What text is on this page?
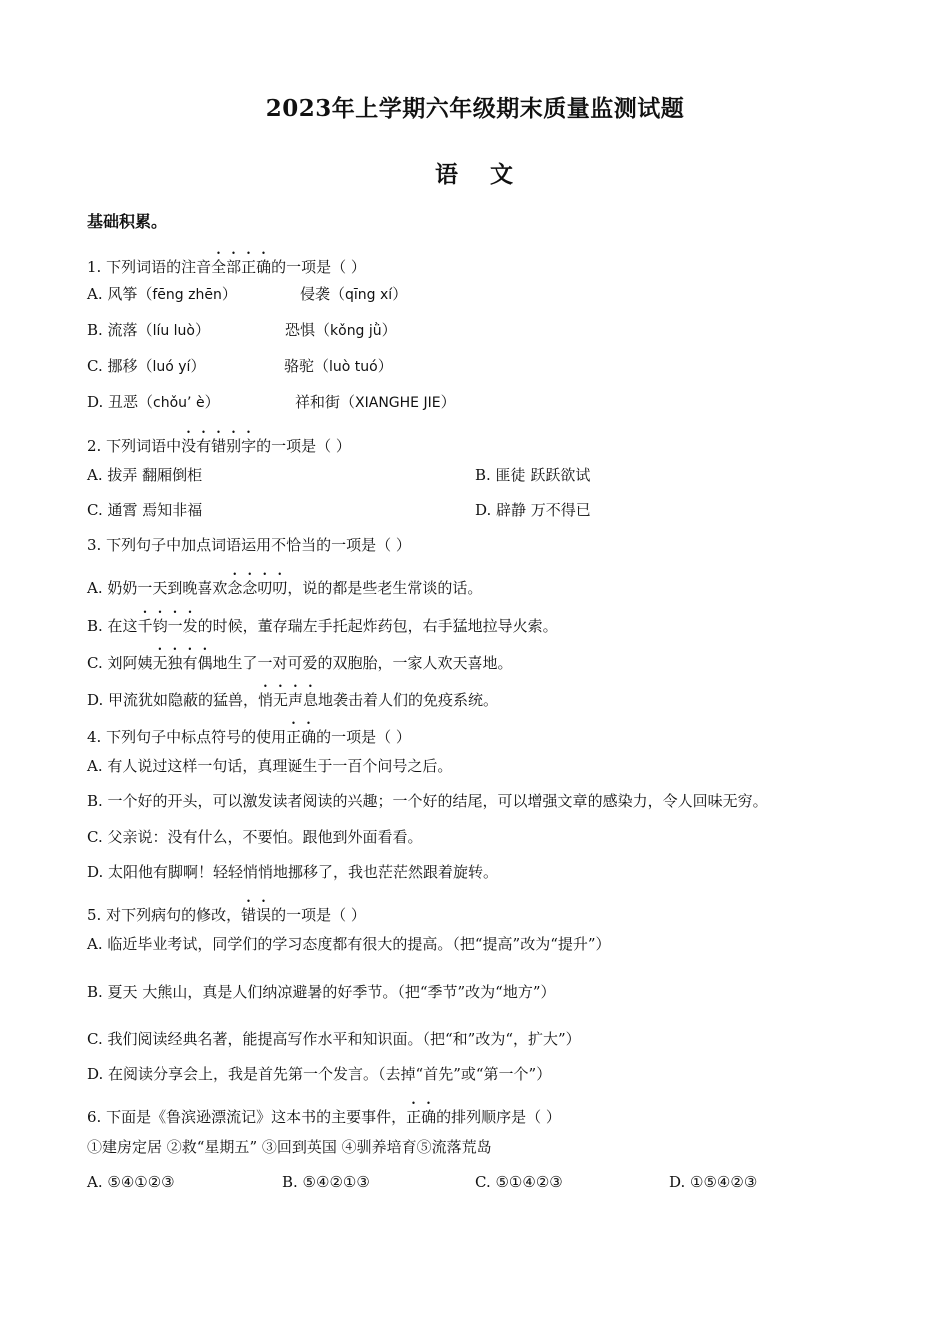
2023年上学期六年级期末质量监测试题
语 文
基础积累。
1. 下列词语的注音全部正确的一项是（ ）
A. 风筝（fēng zhēn）	侵袭（qīng xí）
B. 流落（líu luò）	恐惧（kǒng jǜ）
C. 挪移（luó yí）	骆驼（luò tuó）
D. 丑恶（chǒu’ è）	祥和街（XIANGHE JIE）
2. 下列词语中没有错别字的一项是（ ）
A. 拔弄 翻厢倒柜	B. 匪徒 跃跃欲试
C. 通霄 焉知非福	D. 辟静 万不得已
3. 下列句子中加点词语运用不恰当的一项是（ ）
A. 奶奶一天到晚喜欢念念叨叨，说的都是些老生常谈的话。
B. 在这千钧一发的时候，董存瑞左手托起炸药包，右手猛地拉导火索。
C. 刘阿姨无独有偶地生了一对可爱的双胞胎，一家人欢天喜地。
D. 甲流犹如隐蔽的猛兽，悄无声息地袭击着人们的免疫系统。
4. 下列句子中标点符号的使用正确的一项是（ ）
A. 有人说过这样一句话，真理诞生于一百个问号之后。
B. 一个好的开头，可以激发读者阅读的兴趣；一个好的结尾，可以增强文章的感染力，令人回味无穷。
C. 父亲说：没有什么，不要怕。跟他到外面看看。
D. 太阳他有脚啊！轻轻悄悄地挪移了，我也茫茫然跟着旋转。
5. 对下列病句的修改，错误的一项是（ ）
A. 临近毕业考试，同学们的学习态度都有很大的提高。（把“提高”改为“提升”）
B. 夏天 大熊山，真是人们纳凉避暑的好季节。（把“季节”改为“地方”）
C. 我们阅读经典名著，能提高写作水平和知识面。（把“和”改为“，扩大”）
D. 在阅读分享会上，我是首先第一个发言。（去掉“首先”或“第一个”）
6. 下面是《鲁滨逊漂流记》这本书的主要事件，正确的排列顺序是（ ）
①建房定居 ②救“星期五” ③回到英国 ④驯养培育⑤流落荒岛
A. ⑤④①②③	B. ⑤④②①③	C. ⑤①④②③	D. ①⑤④②③
